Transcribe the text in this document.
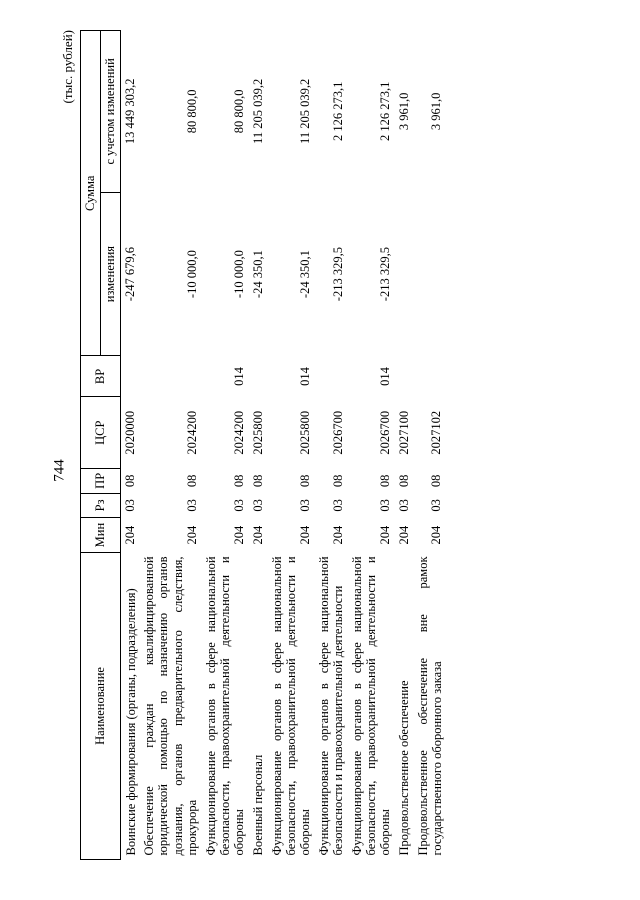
744
(тыс. рублей)
Наименование	Мин	Рз	ПР	ЦСР	ВР	Сумма	
						изменения	с учетом изменений
Воинские формирования (органы, подразделения)	204	03	08	2020000		-247 679,6	13 449 303,2
Обеспечение граждан квалифицированной юридической помощью по назначению органов дознания, органов предварительного следствия, прокурора	204	03	08	2024200		-10 000,0	80 800,0
Функционирование органов в сфере национальной безопасности, правоохранительной деятельности и обороны	204	03	08	2024200	014	-10 000,0	80 800,0
Военный персонал	204	03	08	2025800		-24 350,1	11 205 039,2
Функционирование органов в сфере национальной безопасности, правоохранительной деятельности и обороны	204	03	08	2025800	014	-24 350,1	11 205 039,2
Функционирование органов в сфере национальной безопасности и правоохранительной деятельности	204	03	08	2026700		-213 329,5	2 126 273,1
Функционирование органов в сфере национальной безопасности, правоохранительной деятельности и обороны	204	03	08	2026700	014	-213 329,5	2 126 273,1
Продовольственное обеспечение	204	03	08	2027100			3 961,0
Продовольственное обеспечение вне рамок государственного оборонного заказа	204	03	08	2027102			3 961,0
